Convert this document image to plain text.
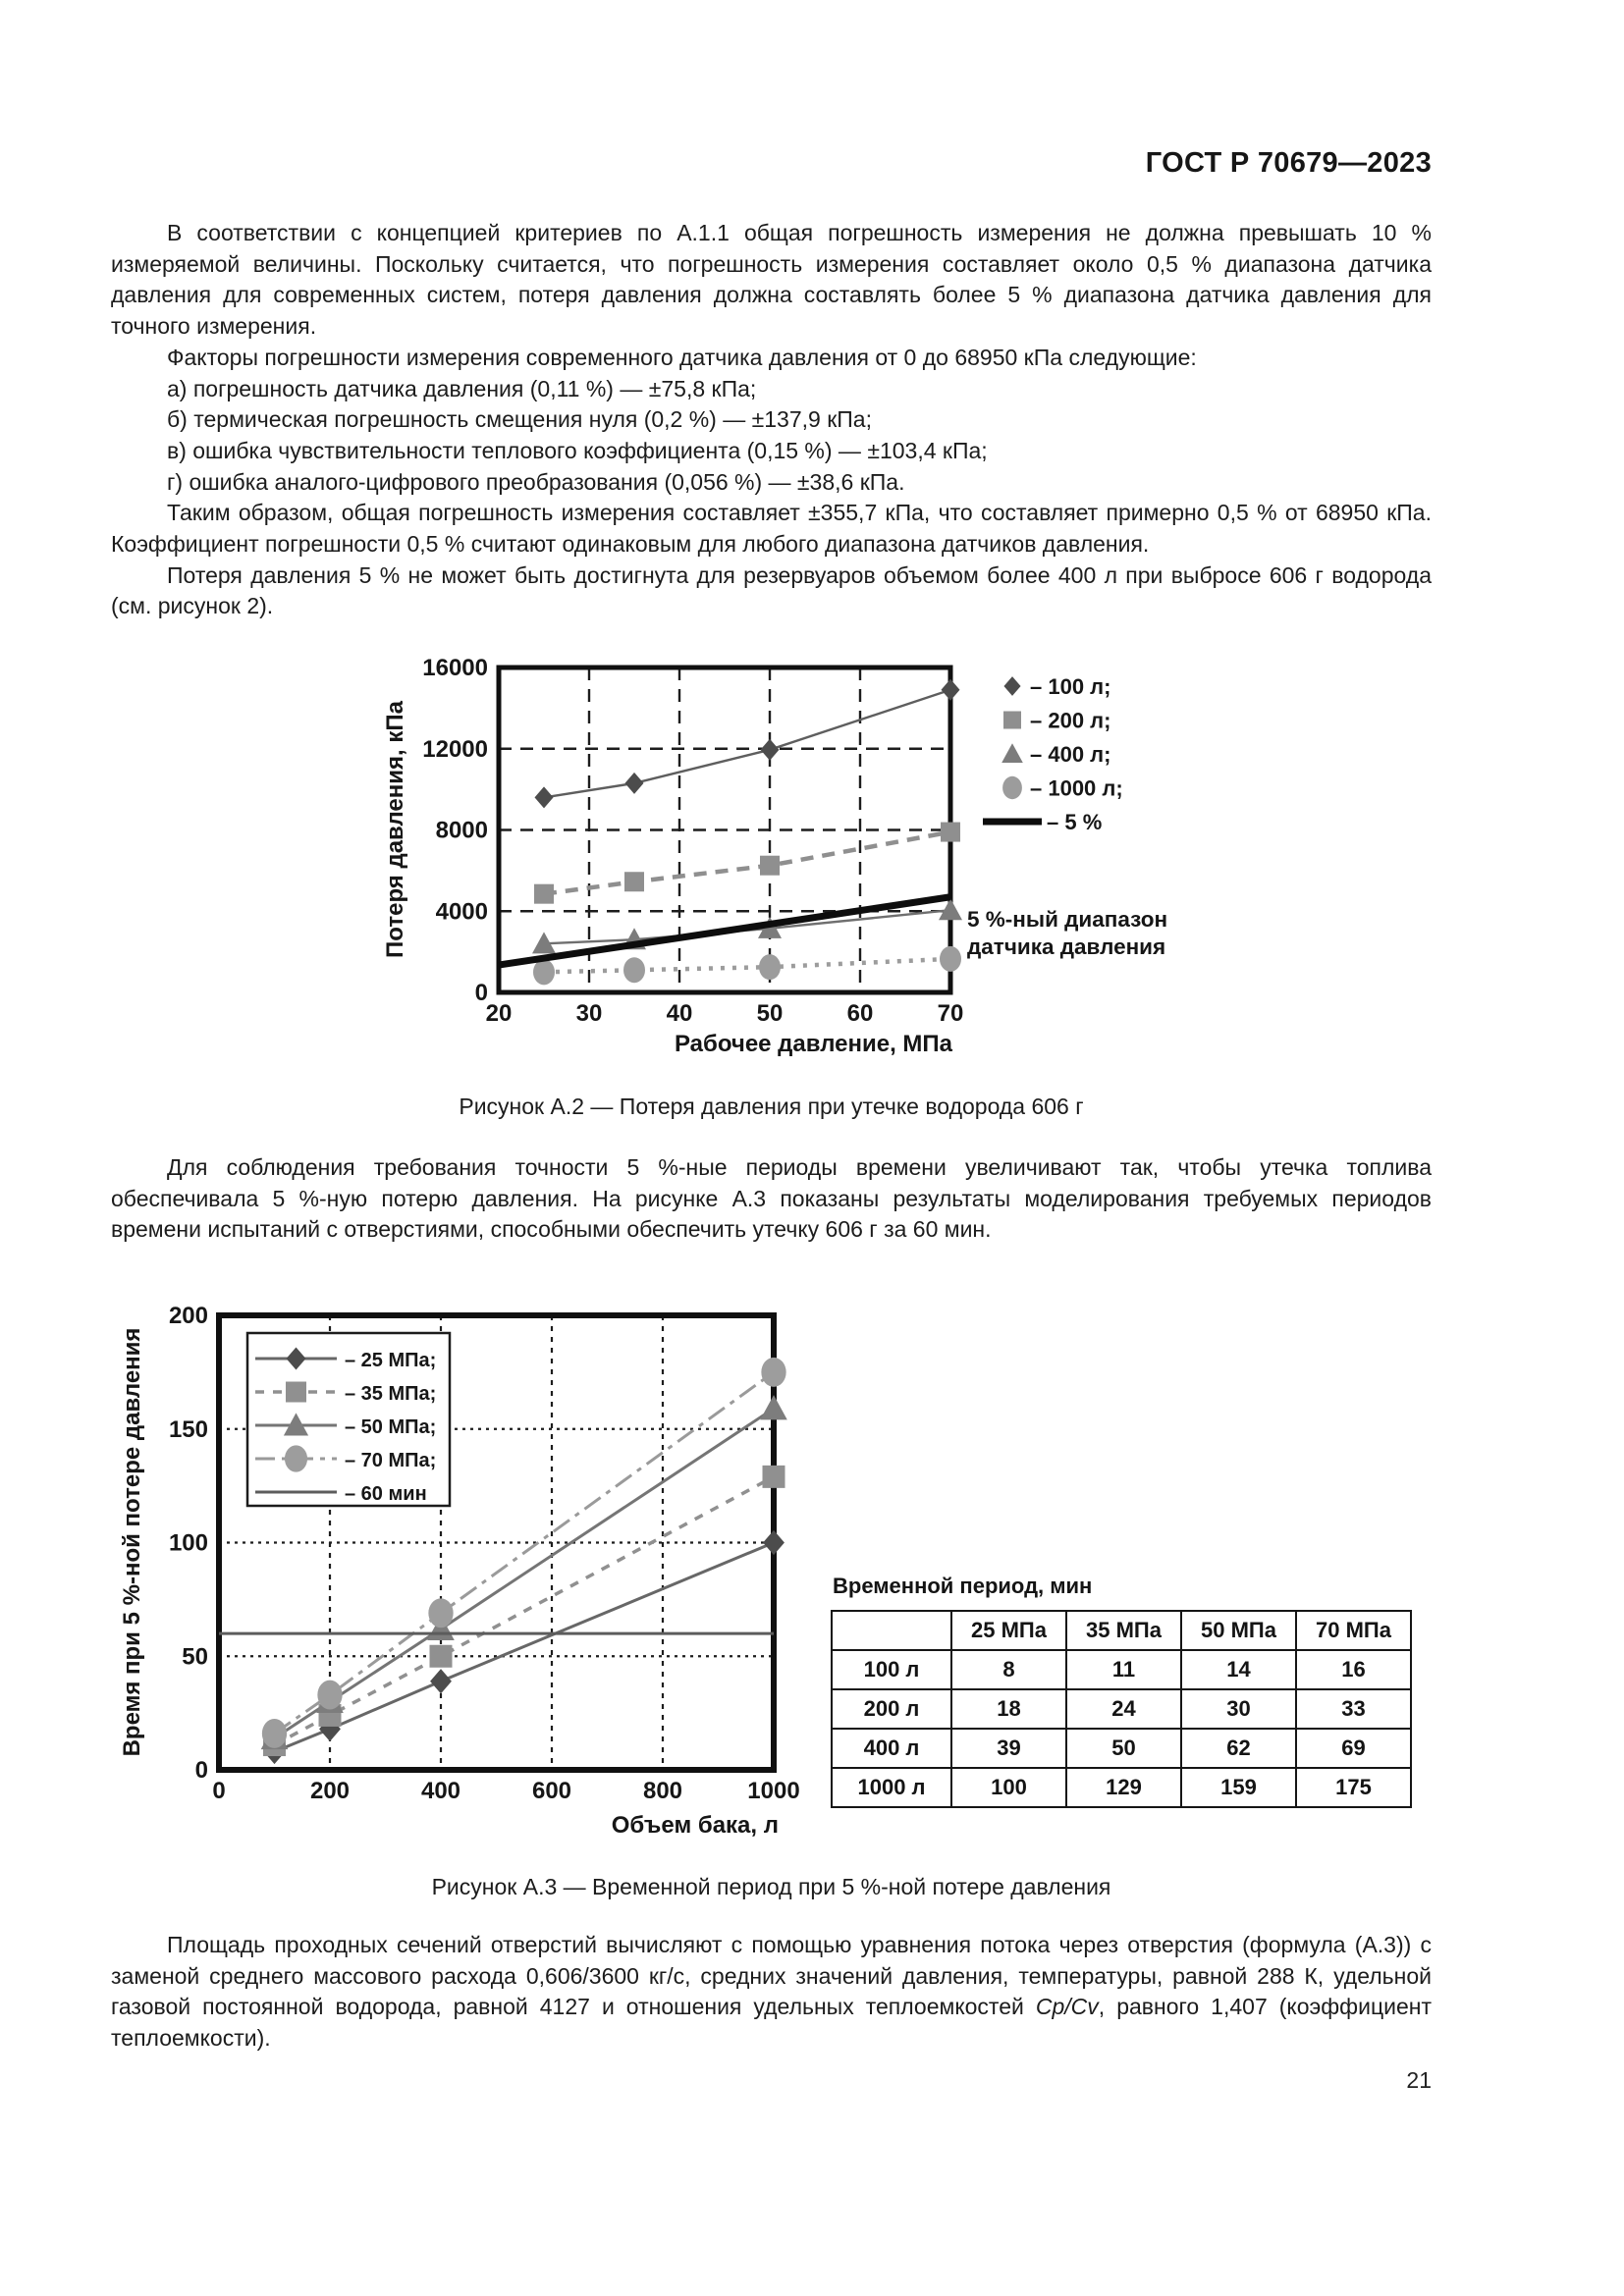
ГОСТ Р 70679—2023

В соответствии с концепцией критериев по А.1.1 общая погрешность измерения не должна превышать 10 % измеряемой величины. Поскольку считается, что погрешность измерения составляет около 0,5 % диапазона датчика давления для современных систем, потеря давления должна составлять более 5 % диапазона датчика давления для точного измерения.

Факторы погрешности измерения современного датчика давления от 0 до 68950 кПа следующие:

а) погрешность датчика давления (0,11 %) — ±75,8 кПа;

б) термическая погрешность смещения нуля (0,2 %) — ±137,9 кПа;

в) ошибка чувствительности теплового коэффициента (0,15 %) — ±103,4 кПа;

г) ошибка аналого-цифрового преобразования (0,056 %) — ±38,6 кПа.

Таким образом, общая погрешность измерения составляет ±355,7 кПа, что составляет примерно 0,5 % от 68950 кПа. Коэффициент погрешности 0,5 % считают одинаковым для любого диапазона датчиков давления.

Потеря давления 5 % не может быть достигнута для резервуаров объемом более 400 л при выбросе 606 г водорода (см. рисунок 2).

0
4000
8000
12000
16000
20	30	40	50	60	70
Рабочее давление, МПа
Потеря давления, кПа
– 100 л;
– 200 л;
– 400 л;
– 1000 л;
– 5 %
5 %-ный диапазон
датчика давления
Рисунок А.2 — Потеря давления при утечке водорода 606 г

Для соблюдения требования точности 5 %-ные периоды времени увеличивают так, чтобы утечка топлива обеспечивала 5 %-ную потерю давления. На рисунке А.3 показаны результаты моделирования требуемых периодов времени испытаний с отверстиями, способными обеспечить утечку 606 г за 60 мин.

0
50
100
150
200
0	200	400	600	800	1000
Объем бака, л
Время при 5 %-ной потере давления	– 25 МПа;
– 35 МПа;
– 50 МПа;
– 70 МПа;
– 60 мин
Временной период, мин
	25 МПа	35 МПа	50 МПа	70 МПа
100 л	8	11	14	16
200 л	18	24	30	33
400 л	39	50	62	69
1000 л	100	129	159	175
Рисунок А.3 — Временной период при 5 %-ной потере давления

Площадь проходных сечений отверстий вычисляют с помощью уравнения потока через отверстия (формула (А.3)) с заменой среднего массового расхода 0,606/3600 кг/с, средних значений давления, температуры, равной 288 К, удельной газовой постоянной водорода, равной 4127 и отношения удельных теплоемкостей Cp/Cv, равного 1,407 (коэффициент теплоемкости).

21
